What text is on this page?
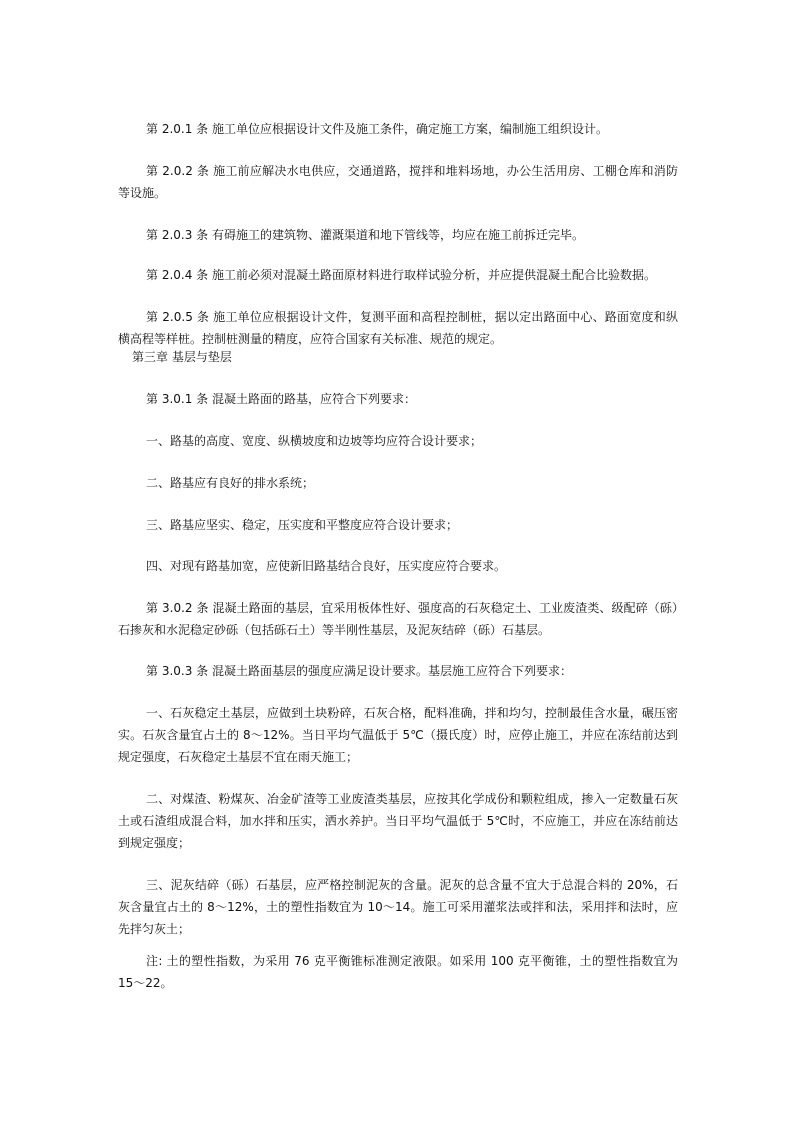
第 2.0.1 条 施工单位应根据设计文件及施工条件，确定施工方案，编制施工组织设计。

第 2.0.2 条 施工前应解决水电供应，交通道路，搅拌和堆料场地，办公生活用房、工棚仓库和消防等设施。

第 2.0.3 条 有碍施工的建筑物、灌溉渠道和地下管线等，均应在施工前拆迁完毕。

第 2.0.4 条 施工前必须对混凝土路面原材料进行取样试验分析，并应提供混凝土配合比验数据。

第 2.0.5 条 施工单位应根据设计文件，复测平面和高程控制桩，据以定出路面中心、路面宽度和纵横高程等样桩。控制桩测量的精度，应符合国家有关标准、规范的规定。

第三章 基层与垫层

第 3.0.1 条 混凝土路面的路基，应符合下列要求：

一、路基的高度、宽度、纵横坡度和边坡等均应符合设计要求；

二、路基应有良好的排水系统；

三、路基应坚实、稳定，压实度和平整度应符合设计要求；

四、对现有路基加宽，应使新旧路基结合良好，压实度应符合要求。

第 3.0.2 条 混凝土路面的基层，宜采用板体性好、强度高的石灰稳定土、工业废渣类、级配碎（砾）石掺灰和水泥稳定砂砾（包括砾石土）等半刚性基层，及泥灰结碎（砾）石基层。

第 3.0.3 条 混凝土路面基层的强度应满足设计要求。基层施工应符合下列要求：

一、石灰稳定土基层，应做到土块粉碎，石灰合格，配料准确，拌和均匀，控制最佳含水量，碾压密实。石灰含量宜占土的 8～12%。当日平均气温低于 5℃（摄氏度）时，应停止施工，并应在冻结前达到规定强度，石灰稳定土基层不宜在雨天施工；

二、对煤渣、粉煤灰、冶金矿渣等工业废渣类基层，应按其化学成份和颗粒组成，掺入一定数量石灰土或石渣组成混合料，加水拌和压实，洒水养护。当日平均气温低于 5℃时，不应施工，并应在冻结前达到规定强度；

三、泥灰结碎（砾）石基层，应严格控制泥灰的含量。泥灰的总含量不宜大于总混合料的 20%，石灰含量宜占土的 8～12%，土的塑性指数宜为 10～14。施工可采用灌浆法或拌和法，采用拌和法时，应先拌匀灰土；

注: 土的塑性指数，为采用 76 克平衡锥标准测定液限。如采用 100 克平衡锥，土的塑性指数宜为 15～22。
